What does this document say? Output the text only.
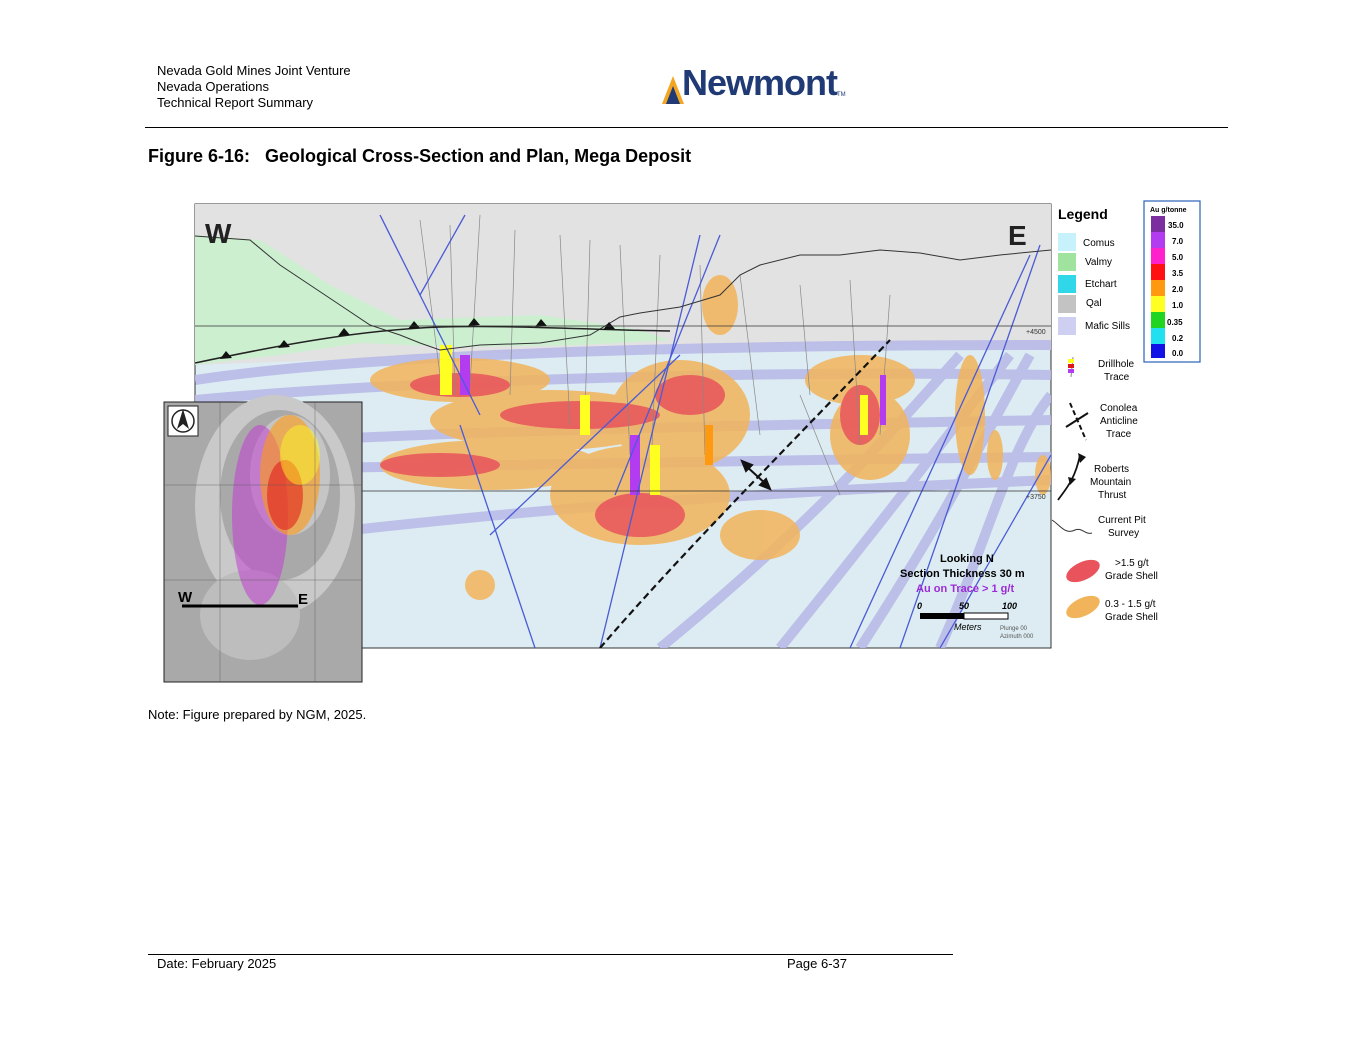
Nevada Gold Mines Joint Venture
Nevada Operations
Technical Report Summary	Newmont TM
Figure 6-16:   Geological Cross-Section and Plan, Mega Deposit
W	E
+4500
+3750
Looking N
Section Thickness 30 m
Au on Trace > 1 g/t
0	50	100
Meters	Plunge 00
Azimuth 000
W	E
Legend
Comus
Valmy
Etchart
Qal
Mafic Sills
Drillhole
Trace
Conolea
Anticline
Trace
Roberts
Mountain
Thrust
Current Pit
Survey
>1.5 g/t
Grade Shell
0.3 - 1.5 g/t
Grade Shell
Au g/tonne
35.0
7.0
5.0
3.5
2.0
1.0
0.35
0.2
0.0
Note: Figure prepared by NGM, 2025.
Date: February 2025	Page 6-37
